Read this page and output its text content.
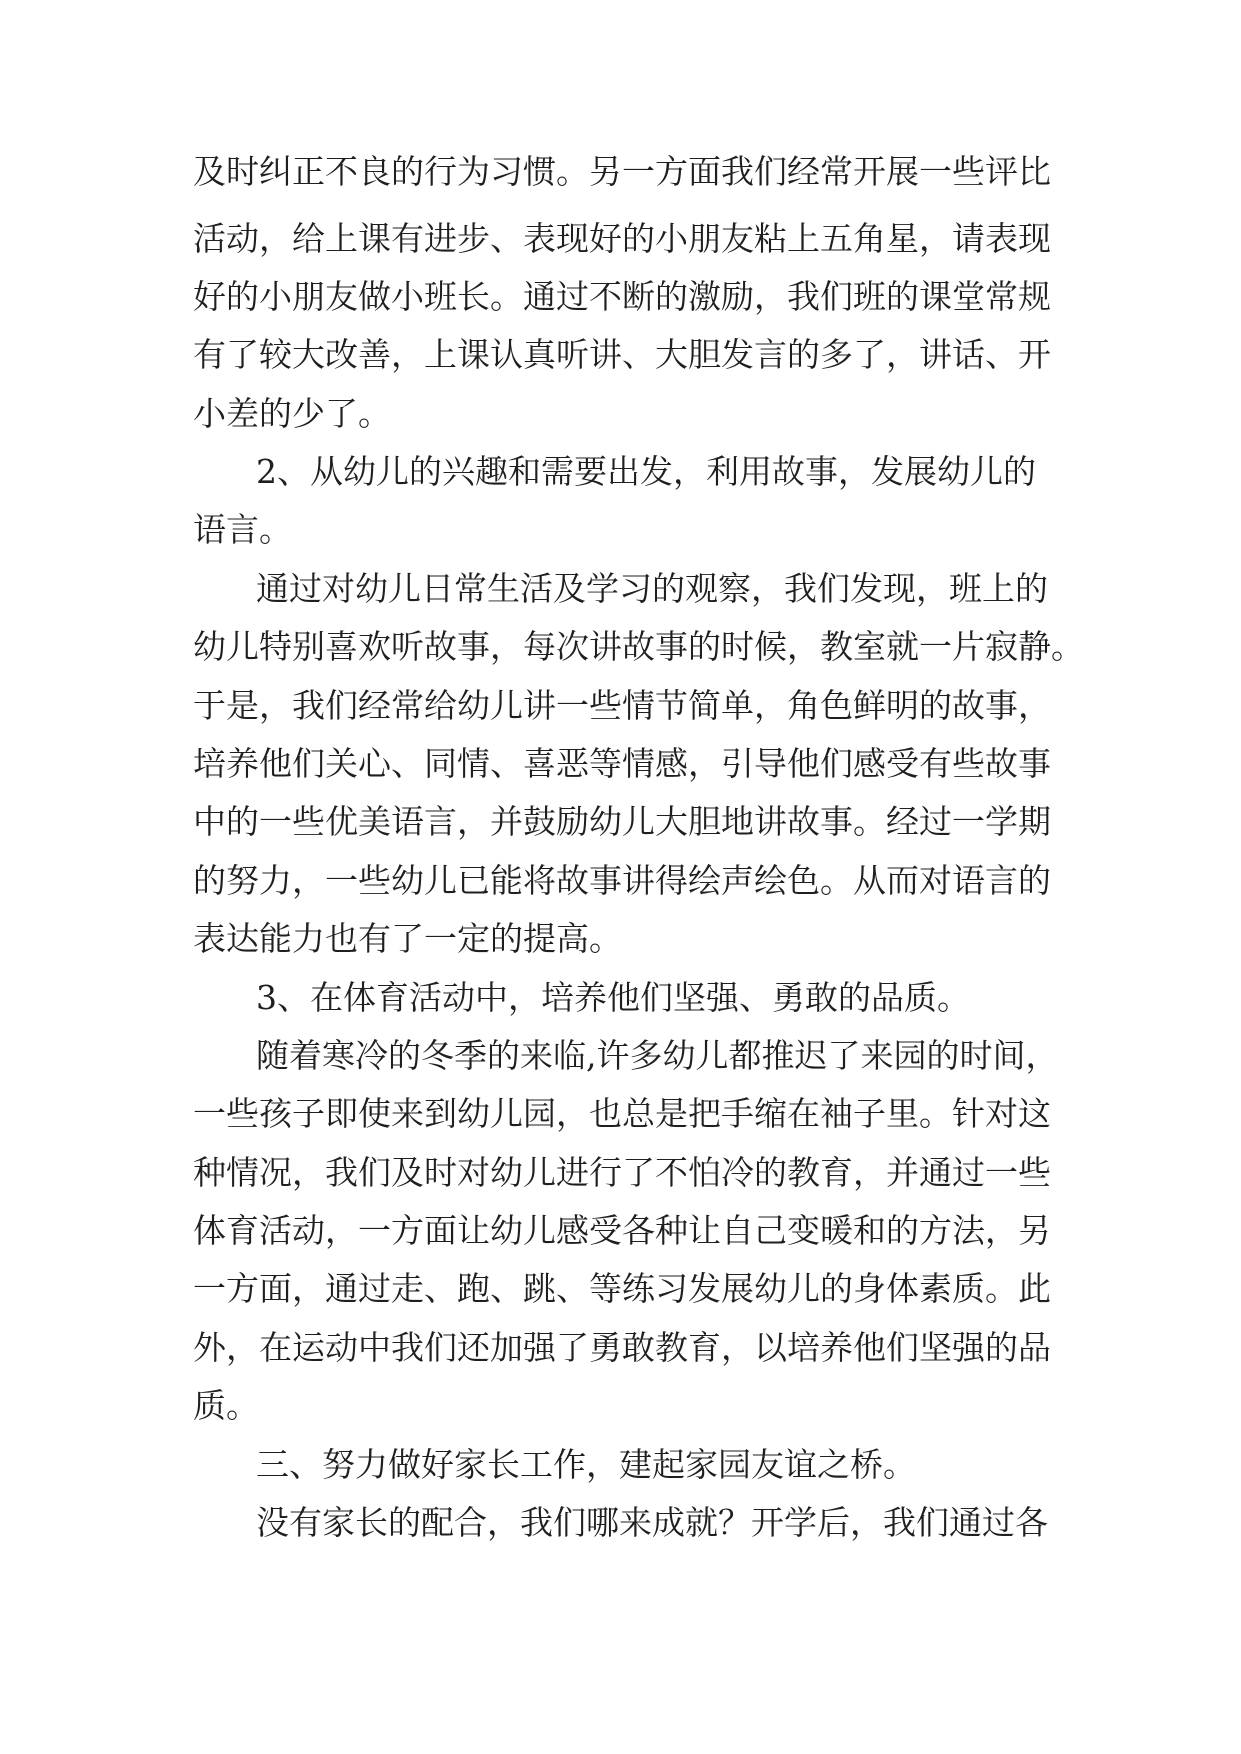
及时纠正不良的行为习惯。另一方面我们经常开展一些评比
活动，给上课有进步、表现好的小朋友粘上五角星，请表现
好的小朋友做小班长。通过不断的激励，我们班的课堂常规
有了较大改善，上课认真听讲、大胆发言的多了，讲话、开
小差的少了。
2、从幼儿的兴趣和需要出发，利用故事，发展幼儿的
语言。
通过对幼儿日常生活及学习的观察，我们发现，班上的
幼儿特别喜欢听故事，每次讲故事的时候，教室就一片寂静。
于是，我们经常给幼儿讲一些情节简单，角色鲜明的故事，
培养他们关心、同情、喜恶等情感，引导他们感受有些故事
中的一些优美语言，并鼓励幼儿大胆地讲故事。经过一学期
的努力，一些幼儿已能将故事讲得绘声绘色。从而对语言的
表达能力也有了一定的提高。
3、在体育活动中，培养他们坚强、勇敢的品质。
随着寒冷的冬季的来临,许多幼儿都推迟了来园的时间，
一些孩子即使来到幼儿园，也总是把手缩在袖子里。针对这
种情况，我们及时对幼儿进行了不怕冷的教育，并通过一些
体育活动，一方面让幼儿感受各种让自己变暖和的方法，另
一方面，通过走、跑、跳、等练习发展幼儿的身体素质。此
外，在运动中我们还加强了勇敢教育，以培养他们坚强的品
质。
三、努力做好家长工作，建起家园友谊之桥。
没有家长的配合，我们哪来成就？开学后，我们通过各
